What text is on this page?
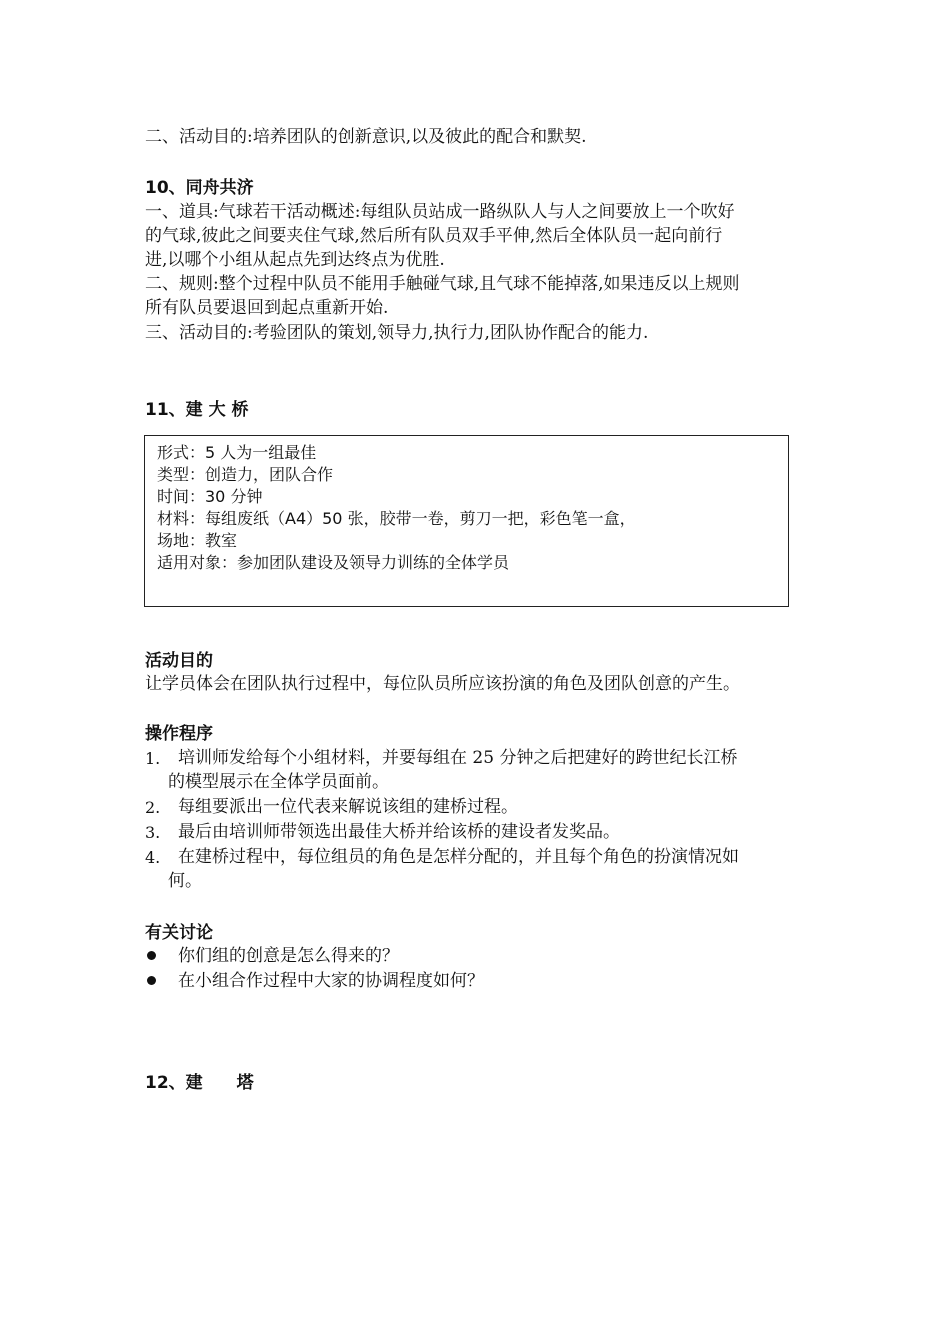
二、活动目的:培养团队的创新意识,以及彼此的配合和默契.
10、同舟共济
一、道具:气球若干活动概述:每组队员站成一路纵队人与人之间要放上一个吹好
的气球,彼此之间要夹住气球,然后所有队员双手平伸,然后全体队员一起向前行
进,以哪个小组从起点先到达终点为优胜.
二、规则:整个过程中队员不能用手触碰气球,且气球不能掉落,如果违反以上规则
所有队员要退回到起点重新开始.
三、活动目的:考验团队的策划,领导力,执行力,团队协作配合的能力.
11、建 大 桥
形式：5 人为一组最佳
类型：创造力，团队合作
时间：30 分钟
材料：每组废纸（A4）50 张，胶带一卷，剪刀一把，彩色笔一盒，
场地：教室
适用对象：参加团队建设及领导力训练的全体学员
活动目的
让学员体会在团队执行过程中，每位队员所应该扮演的角色及团队创意的产生。
操作程序
1. 培训师发给每个小组材料，并要每组在 25 分钟之后把建好的跨世纪长江桥
的模型展示在全体学员面前。
2. 每组要派出一位代表来解说该组的建桥过程。
3. 最后由培训师带领选出最佳大桥并给该桥的建设者发奖品。
4. 在建桥过程中，每位组员的角色是怎样分配的，并且每个角色的扮演情况如
何。
有关讨论
你们组的创意是怎么得来的？
在小组合作过程中大家的协调程度如何？
12、建　　塔
